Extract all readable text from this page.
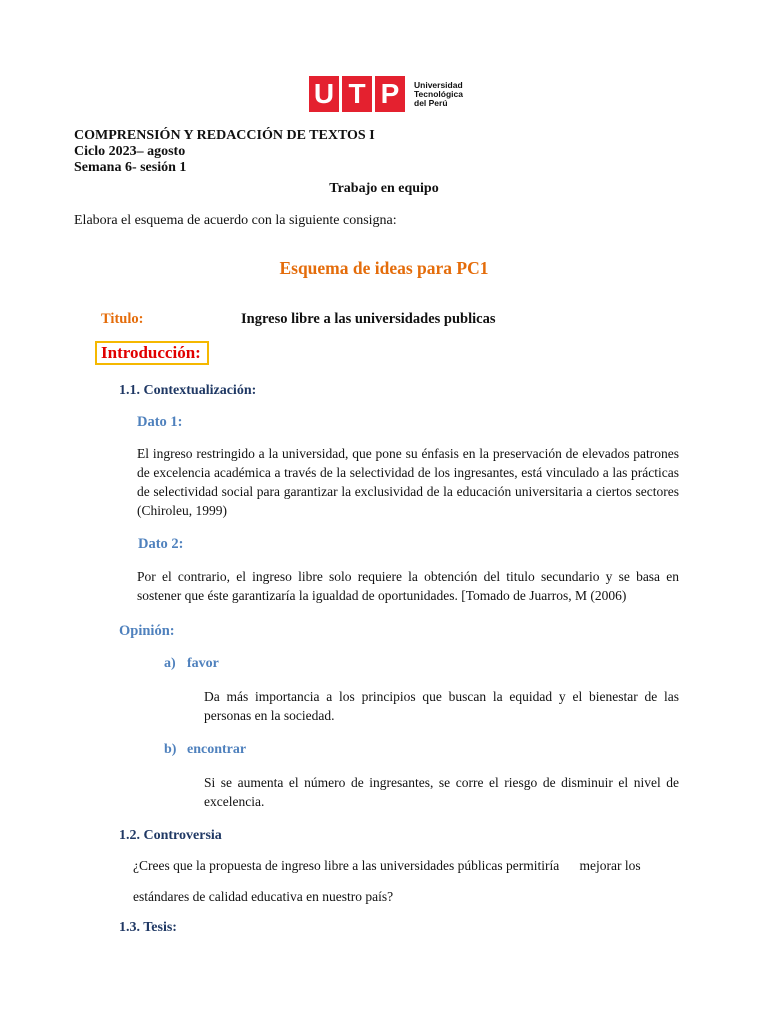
U T P	Universidad
Tecnológica
del Perú
COMPRENSIÓN Y REDACCIÓN DE TEXTOS I
Ciclo 2023– agosto
Semana 6- sesión 1
Trabajo en equipo
Elabora el esquema de acuerdo con la siguiente consigna:
Esquema de ideas para PC1
Titulo:	Ingreso libre a las universidades publicas
Introducción:
1.1. Contextualización:
Dato 1:
El ingreso restringido a la universidad, que pone su énfasis en la preservación de elevados patrones de excelencia académica a través de la selectividad de los ingresantes, está vinculado a las prácticas de selectividad social para garantizar la exclusividad de la educación universitaria a ciertos sectores (Chiroleu, 1999)
Dato 2:
Por el contrario, el ingreso libre solo requiere la obtención del titulo secundario y se basa en sostener que éste garantizaría la igualdad de oportunidades. [Tomado de Juarros, M (2006)
Opinión:
a) favor
Da más importancia a los principios que buscan la equidad y el bienestar de las personas en la sociedad.
b) encontrar
Si se aumenta el número de ingresantes, se corre el riesgo de disminuir el nivel de excelencia.
1.2. Controversia
¿Crees que la propuesta de ingreso libre a las universidades públicas permitiría      mejorar los
estándares de calidad educativa en nuestro país?
1.3. Tesis:
